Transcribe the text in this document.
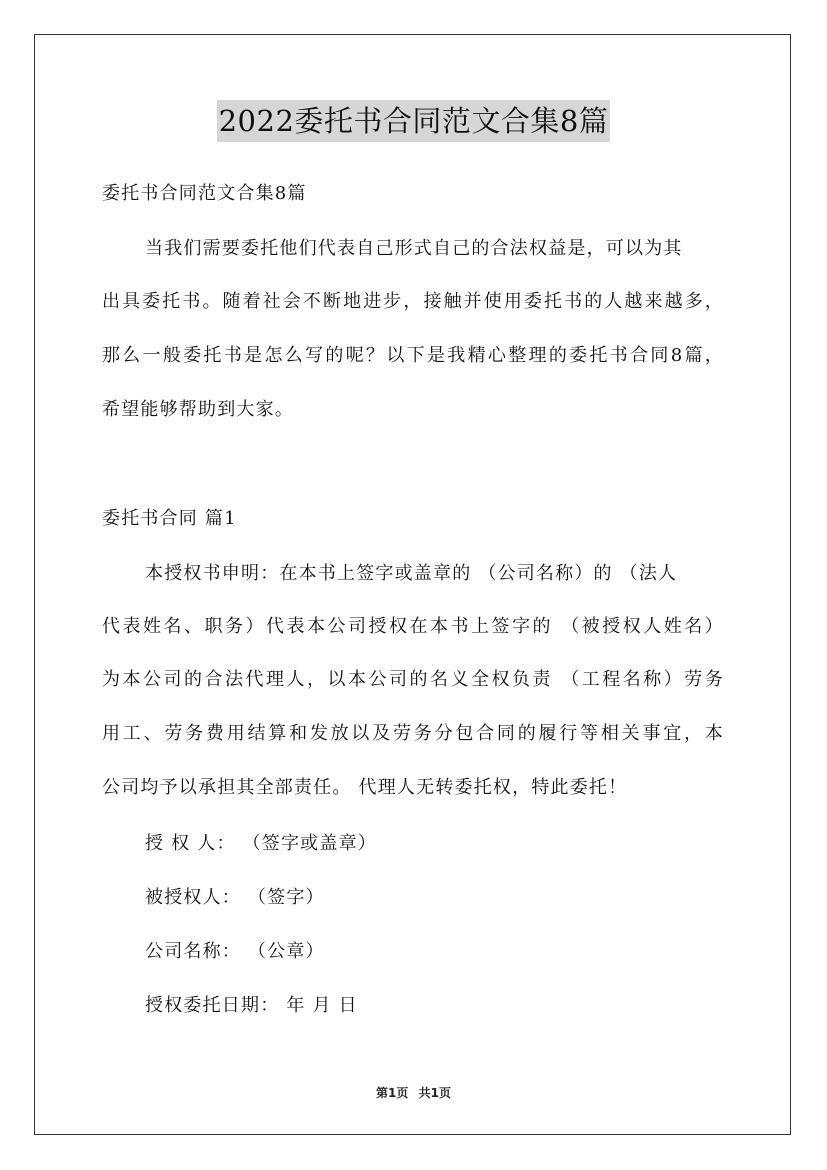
2022委托书合同范文合集8篇
委托书合同范文合集8篇
当我们需要委托他们代表自己形式自己的合法权益是，可以为其
出具委托书。随着社会不断地进步，接触并使用委托书的人越来越多，
那么一般委托书是怎么写的呢？以下是我精心整理的委托书合同8篇，
希望能够帮助到大家。
委托书合同 篇1
本授权书申明：在本书上签字或盖章的 （公司名称）的 （法人
代表姓名、职务）代表本公司授权在本书上签字的 （被授权人姓名）
为本公司的合法代理人，以本公司的名义全权负责 （工程名称）劳务
用工、劳务费用结算和发放以及劳务分包合同的履行等相关事宜，本
公司均予以承担其全部责任。 代理人无转委托权，特此委托！
授 权 人： （签字或盖章）
被授权人： （签字）
公司名称： （公章）
授权委托日期： 年 月 日
第1页 共1页
